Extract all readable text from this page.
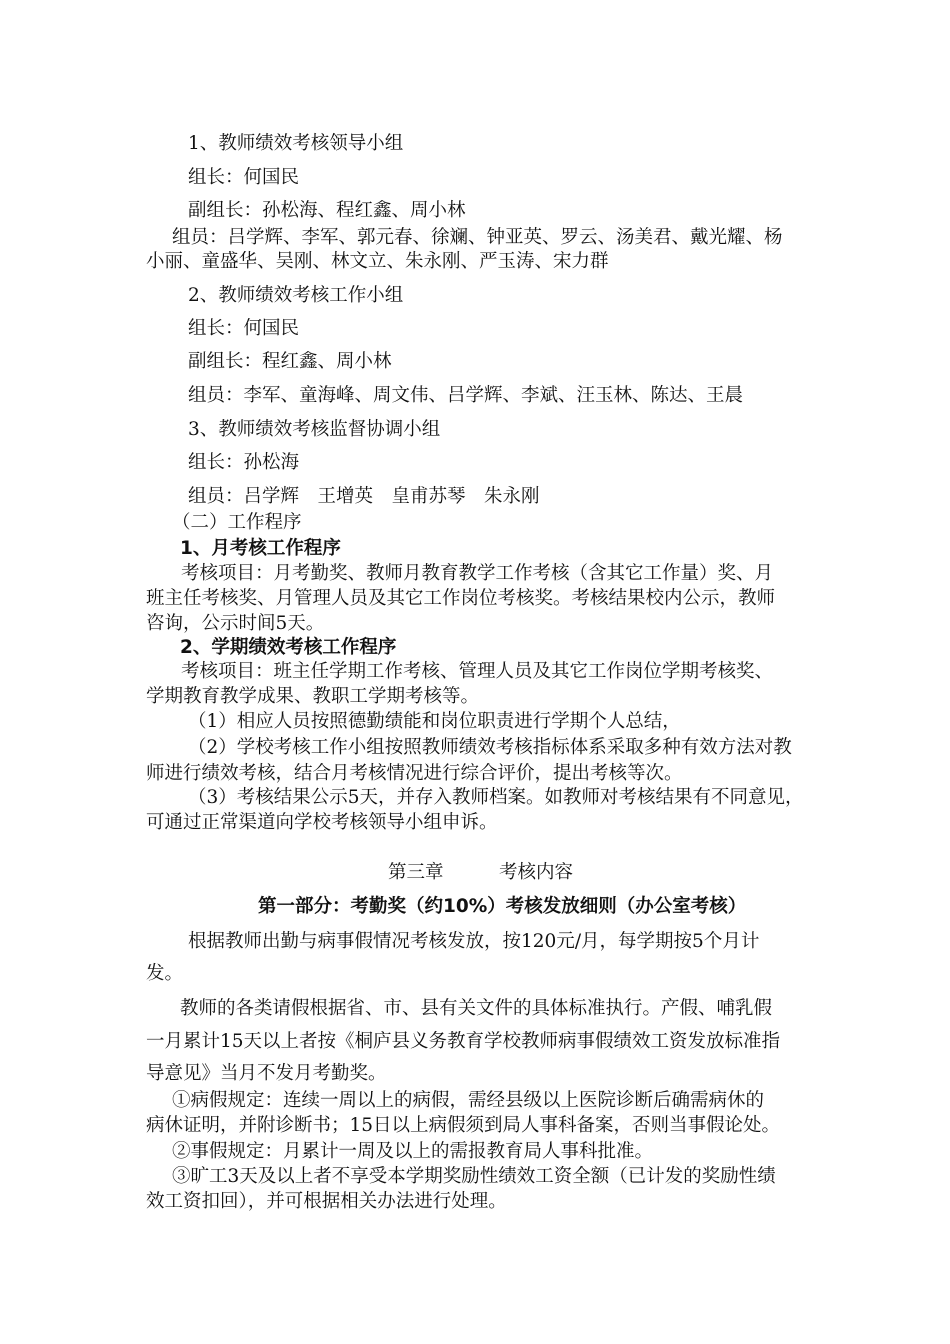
1、教师绩效考核领导小组
组长：何国民
副组长：孙松海、程红鑫、周小林
组员：吕学辉、李军、郭元春、徐斓、钟亚英、罗云、汤美君、戴光耀、杨
小丽、童盛华、吴刚、林文立、朱永刚、严玉涛、宋力群
2、教师绩效考核工作小组
组长：何国民
副组长：程红鑫、周小林
组员：李军、童海峰、周文伟、吕学辉、李斌、汪玉林、陈达、王晨
3、教师绩效考核监督协调小组
组长：孙松海
组员：吕学辉　王增英　皇甫苏琴　朱永刚
（二）工作程序
1、月考核工作程序
考核项目：月考勤奖、教师月教育教学工作考核（含其它工作量）奖、月
班主任考核奖、月管理人员及其它工作岗位考核奖。考核结果校内公示，教师
咨询，公示时间5天。
2、学期绩效考核工作程序
考核项目：班主任学期工作考核、管理人员及其它工作岗位学期考核奖、
学期教育教学成果、教职工学期考核等。
（1）相应人员按照德勤绩能和岗位职责进行学期个人总结，
（2）学校考核工作小组按照教师绩效考核指标体系采取多种有效方法对教
师进行绩效考核，结合月考核情况进行综合评价，提出考核等次。
（3）考核结果公示5天，并存入教师档案。如教师对考核结果有不同意见，
可通过正常渠道向学校考核领导小组申诉。
第三章　　　考核内容
第一部分：考勤奖（约10%）考核发放细则（办公室考核）
根据教师出勤与病事假情况考核发放，按120元/月，每学期按5个月计
发。
教师的各类请假根据省、市、县有关文件的具体标准执行。产假、哺乳假
一月累计15天以上者按《桐庐县义务教育学校教师病事假绩效工资发放标准指
导意见》当月不发月考勤奖。
①病假规定：连续一周以上的病假，需经县级以上医院诊断后确需病休的
病休证明，并附诊断书；15日以上病假须到局人事科备案，否则当事假论处。
②事假规定：月累计一周及以上的需报教育局人事科批准。
③旷工3天及以上者不享受本学期奖励性绩效工资全额（已计发的奖励性绩
效工资扣回），并可根据相关办法进行处理。
